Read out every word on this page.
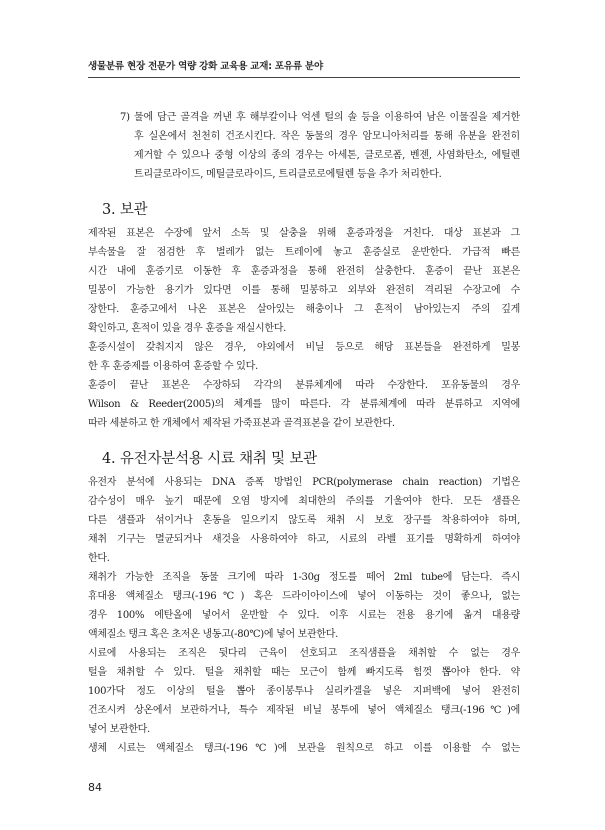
생물분류 현장 전문가 역량 강화 교육용 교재: 포유류 분야
7) 물에 담근 골격을 꺼낸 후 해부칼이나 억센 털의 솔 등을 이용하여 남은 이물질을 제거한
후 실온에서 천천히 건조시킨다. 작은 동물의 경우 암모니아처리를 통해 유분을 완전히
제거할 수 있으나 중형 이상의 종의 경우는 아세톤, 클로로폼, 벤젠, 사염화탄소, 에틸렌
트리클로라이드, 메틸클로라이드, 트리클로로에틸렌 등을 추가 처리한다.
3. 보관
제작된 표본은 수장에 앞서 소독 및 살충을 위해 훈증과정을 거친다. 대상 표본과 그
부속물을 잘 점검한 후 벌레가 없는 트레이에 놓고 훈증실로 운반한다. 가급적 빠른
시간 내에 훈증기로 이동한 후 훈증과정을 통해 완전히 살충한다. 훈증이 끝난 표본은
밀봉이 가능한 용기가 있다면 이를 통해 밀봉하고 외부와 완전히 격리된 수장고에 수
장한다. 훈증고에서 나온 표본은 살아있는 해충이나 그 흔적이 남아있는지 주의 깊게
확인하고, 흔적이 있을 경우 훈증을 재실시한다.
훈증시설이 갖춰지지 않은 경우, 야외에서 비닐 등으로 해당 표본들을 완전하게 밀봉
한 후 훈증제를 이용하여 훈증할 수 있다.
훈증이 끝난 표본은 수장하되 각각의 분류체계에 따라 수장한다. 포유동물의 경우
Wilson & Reeder(2005)의 체계를 많이 따른다. 각 분류체계에 따라 분류하고 지역에
따라 세분하고 한 개체에서 제작된 가죽표본과 골격표본을 같이 보관한다.
4. 유전자분석용 시료 채취 및 보관
유전자 분석에 사용되는 DNA 증폭 방법인 PCR(polymerase chain reaction) 기법은
감수성이 매우 높기 때문에 오염 방지에 최대한의 주의를 기울여야 한다. 모든 샘플은
다른 샘플과 섞이거나 혼동을 일으키지 않도록 채취 시 보호 장구를 착용하여야 하며,
채취 기구는 멸균되거나 새것을 사용하여야 하고, 시료의 라벨 표기를 명확하게 하여야
한다.
채취가 가능한 조직을 동물 크기에 따라 1-30g 정도를 떼어 2ml tube에 담는다. 즉시
휴대용 액체질소 탱크(-196℃) 혹은 드라이아이스에 넣어 이동하는 것이 좋으나, 없는
경우 100% 에탄올에 넣어서 운반할 수 있다. 이후 시료는 전용 용기에 옮겨 대용량
액체질소 탱크 혹은 초저온 냉동고(-80℃)에 넣어 보관한다.
시료에 사용되는 조직은 뒷다리 근육이 선호되고 조직샘플을 채취할 수 없는 경우
털을 채취할 수 있다. 털을 채취할 때는 모근이 함께 빠지도록 힘껏 뽑아야 한다. 약
100가닥 정도 이상의 털을 뽑아 종이봉투나 실리카겔을 넣은 지퍼백에 넣어 완전히
건조시켜 상온에서 보관하거나, 특수 제작된 비닐 봉투에 넣어 액체질소 탱크(-196℃)에
넣어 보관한다.
생체 시료는 액체질소 탱크(-196℃)에 보관을 원칙으로 하고 이를 이용할 수 없는
84
